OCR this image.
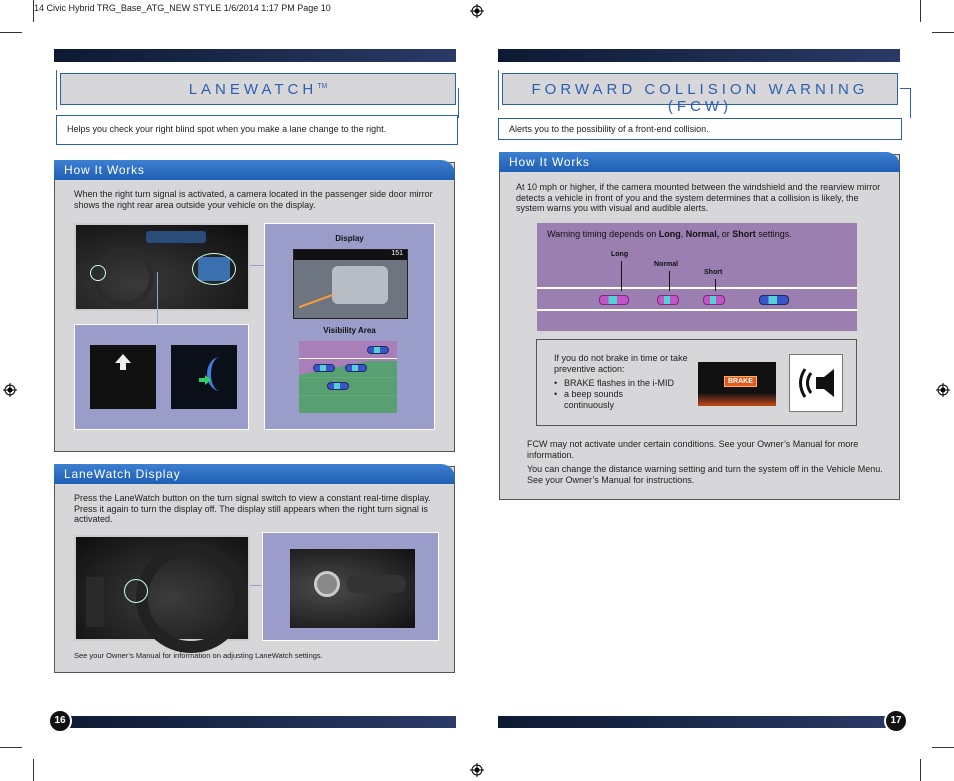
14 Civic Hybrid TRG_Base_ATG_NEW STYLE 1/6/2014 1:17 PM Page 10
LANEWATCH™
Helps you check your right blind spot when you make a lane change to the right.
How It Works
When the right turn signal is activated, a camera located in the passenger side door mirror shows the right rear area outside your vehicle on the display.
Display
151
Visibility Area
LaneWatch Display
Press the LaneWatch button on the turn signal switch to view a constant real-time display. Press it again to turn the display off. The display still appears when the right turn signal is activated.
See your Owner’s Manual for information on adjusting LaneWatch settings.
16
FORWARD COLLISION WARNING (FCW)
Alerts you to the possibility of a front-end collision.
How It Works
At 10 mph or higher, if the camera mounted between the windshield and the rearview mirror detects a vehicle in front of you and the system determines that a collision is likely, the system warns you with visual and audible alerts.
Warning timing depends on Long, Normal, or Short settings.
Long
Normal
Short
If you do not brake in time or take preventive action:
• BRAKE flashes in the i-MID
• a beep sounds continuously
BRAKE
FCW may not activate under certain conditions. See your Owner’s Manual for more information.
You can change the distance warning setting and turn the system off in the Vehicle Menu. See your Owner’s Manual for instructions.
17
